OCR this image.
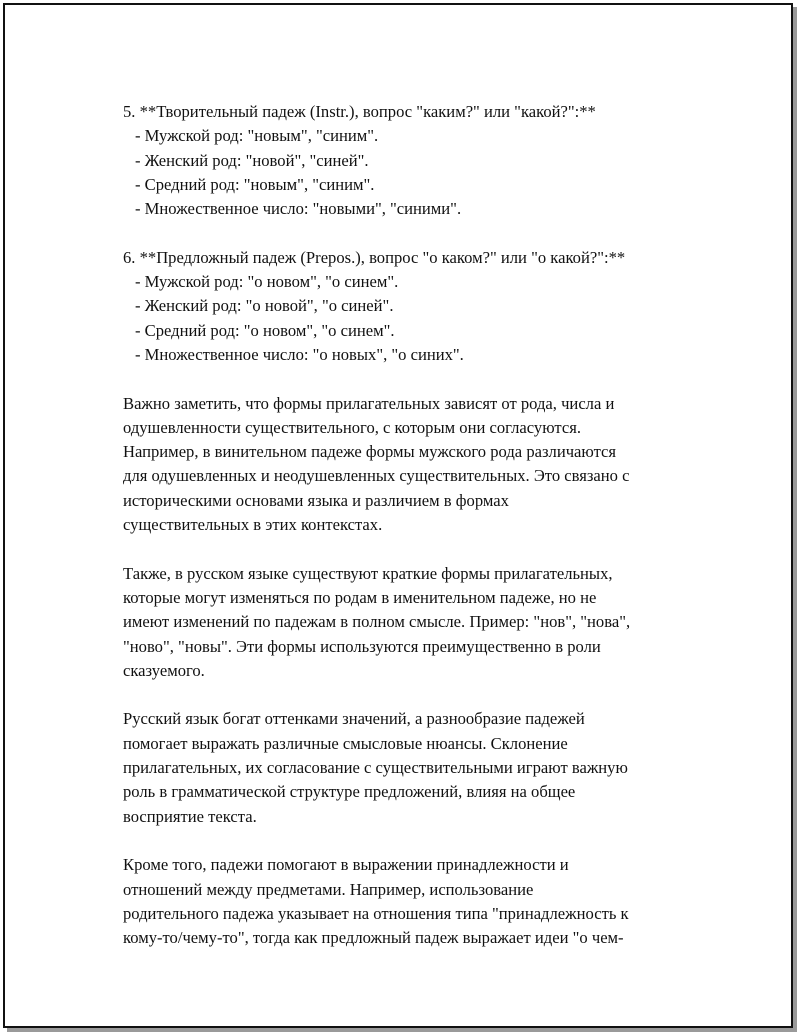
5. **Творительный падеж (Instr.), вопрос "каким?" или "какой?":**
- Мужской род: "новым", "синим".
- Женский род: "новой", "синей".
- Средний род: "новым", "синим".
- Множественное число: "новыми", "синими".
6. **Предложный падеж (Prepos.), вопрос "о каком?" или "о какой?":**
- Мужской род: "о новом", "о синем".
- Женский род: "о новой", "о синей".
- Средний род: "о новом", "о синем".
- Множественное число: "о новых", "о синих".
Важно заметить, что формы прилагательных зависят от рода, числа и
одушевленности существительного, с которым они согласуются.
Например, в винительном падеже формы мужского рода различаются
для одушевленных и неодушевленных существительных. Это связано с
историческими основами языка и различием в формах
существительных в этих контекстах.
Также, в русском языке существуют краткие формы прилагательных,
которые могут изменяться по родам в именительном падеже, но не
имеют изменений по падежам в полном смысле. Пример: "нов", "нова",
"ново", "новы". Эти формы используются преимущественно в роли
сказуемого.
Русский язык богат оттенками значений, а разнообразие падежей
помогает выражать различные смысловые нюансы. Склонение
прилагательных, их согласование с существительными играют важную
роль в грамматической структуре предложений, влияя на общее
восприятие текста.
Кроме того, падежи помогают в выражении принадлежности и
отношений между предметами. Например, использование
родительного падежа указывает на отношения типа "принадлежность к
кому-то/чему-то", тогда как предложный падеж выражает идеи "о чем-
